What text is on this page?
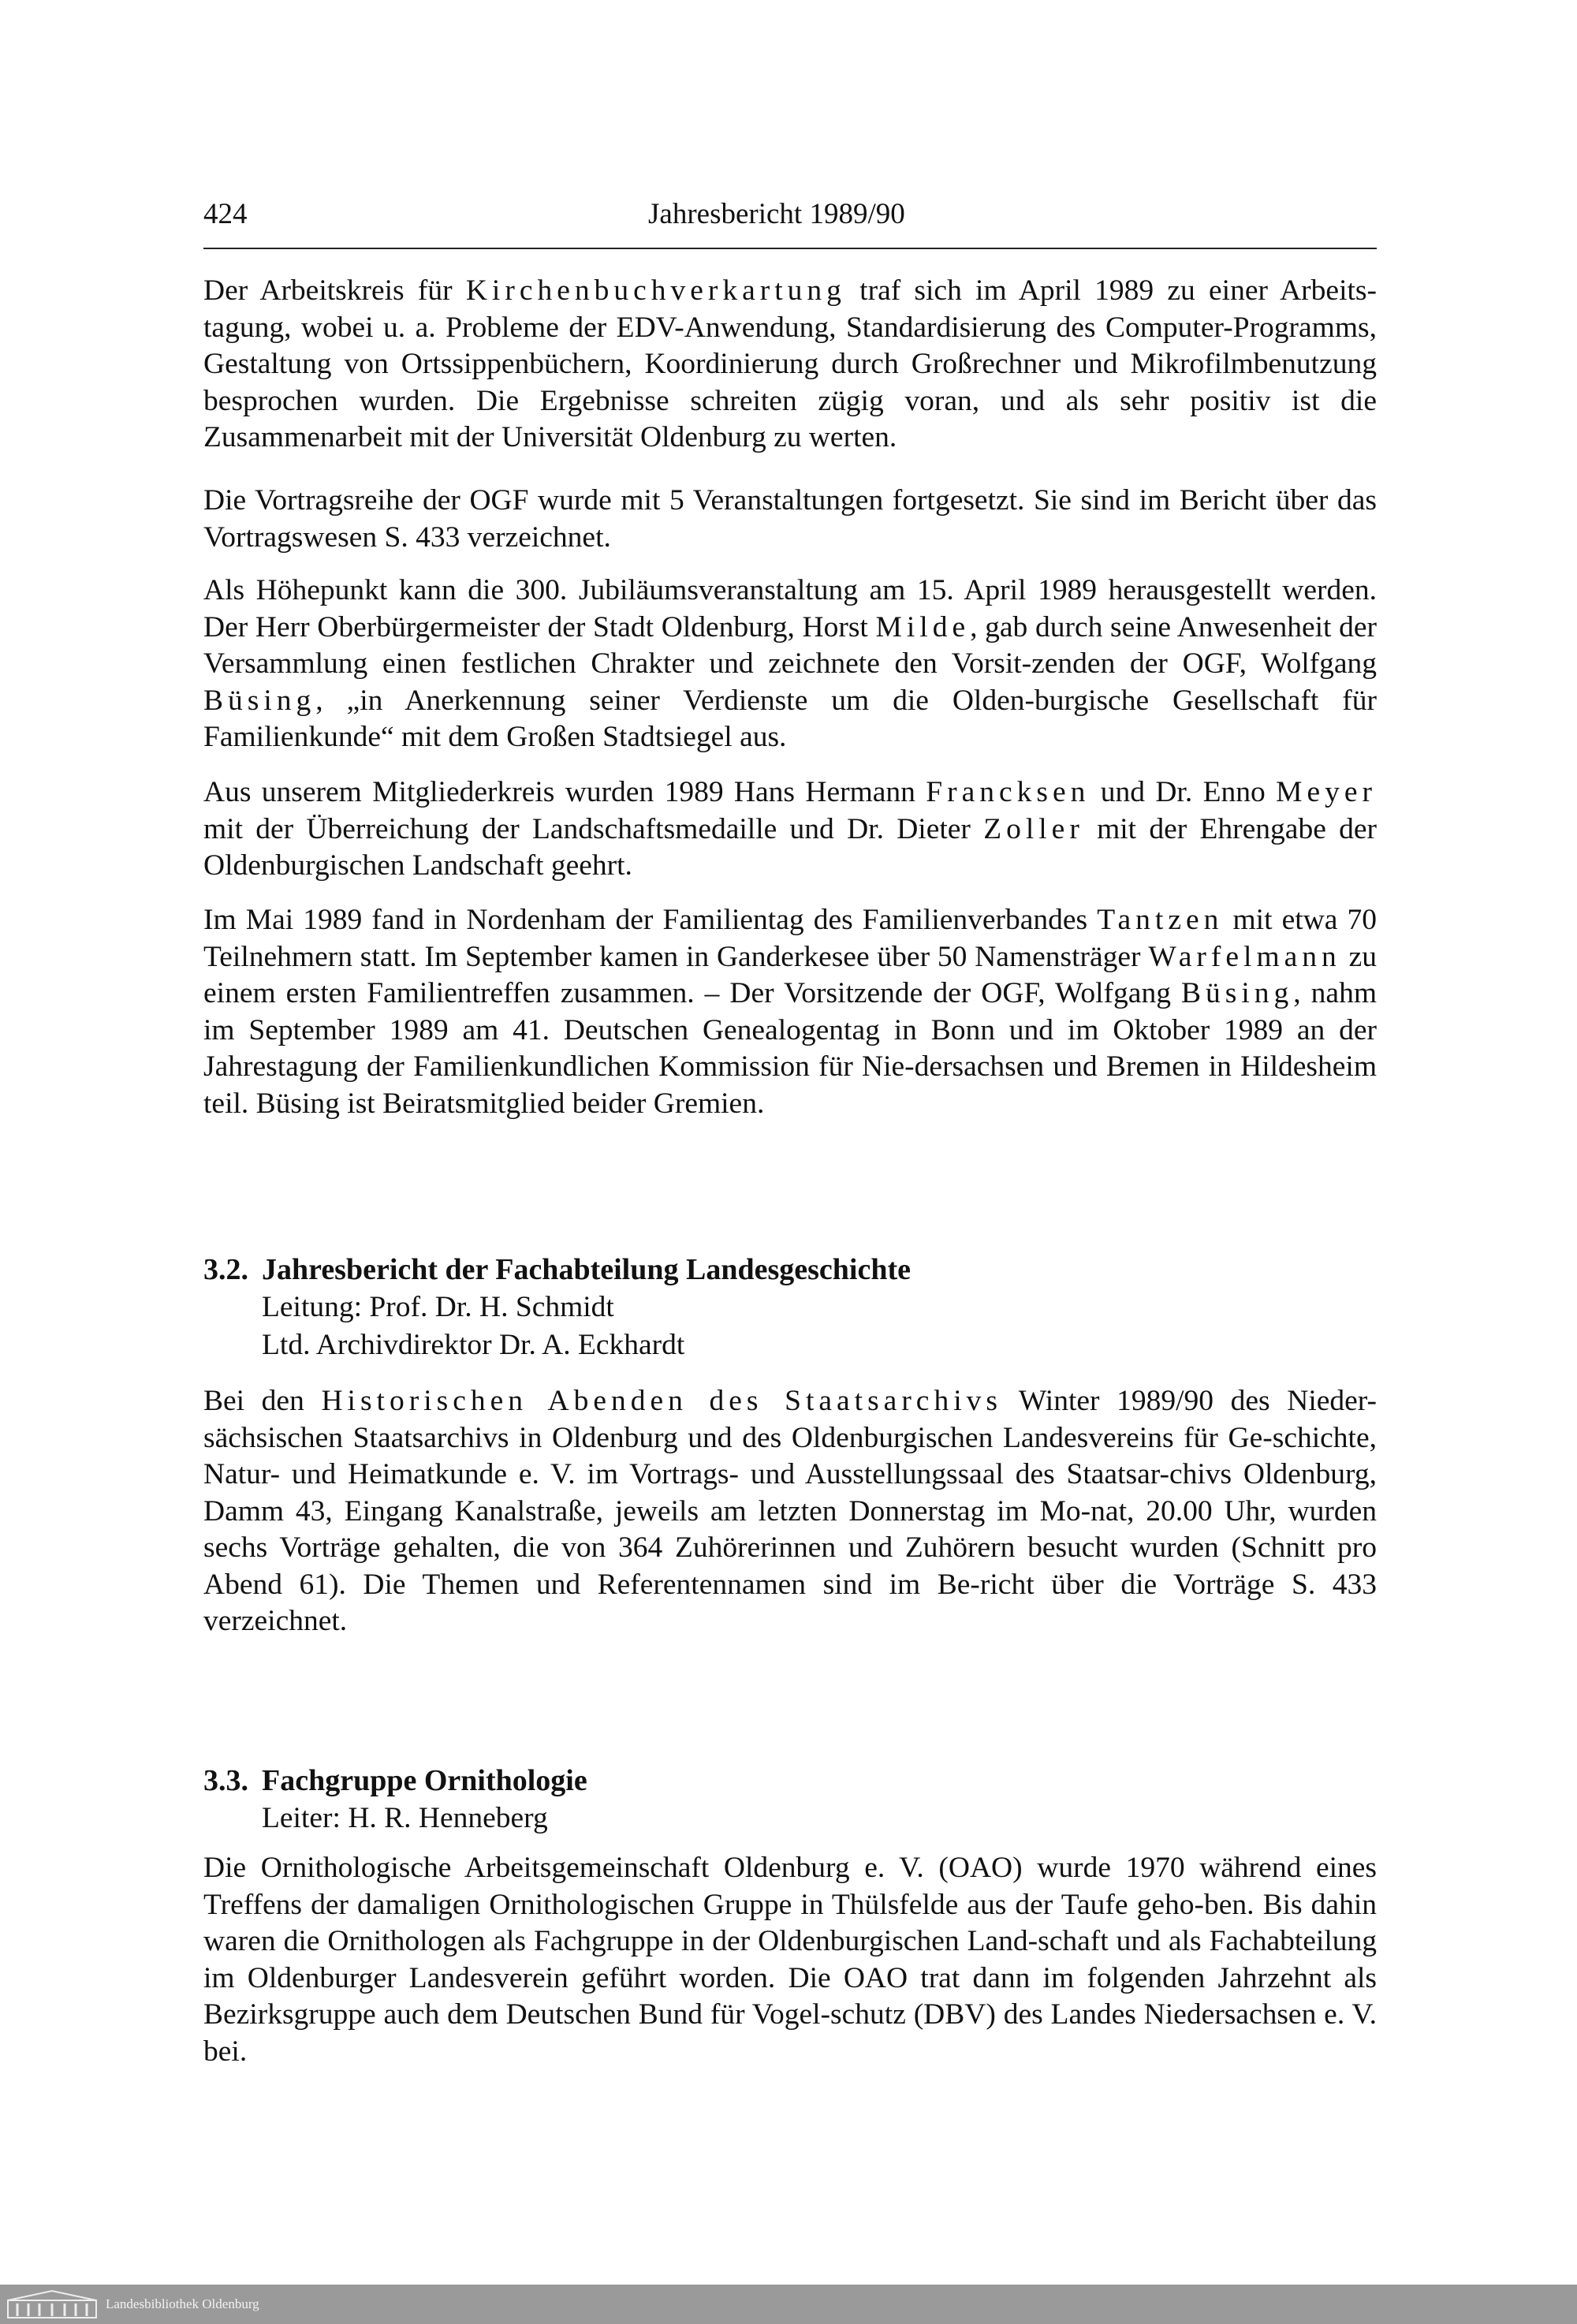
424	Jahresbericht 1989/90

Der Arbeitskreis für Kirchenbuchverkartung traf sich im April 1989 zu einer Arbeits-tagung, wobei u. a. Probleme der EDV-Anwendung, Standardisierung des Computer-Programms, Gestaltung von Ortssippenbüchern, Koordinierung durch Großrechner und Mikrofilmbenutzung besprochen wurden. Die Ergebnisse schreiten zügig voran, und als sehr positiv ist die Zusammenarbeit mit der Universität Oldenburg zu werten.

Die Vortragsreihe der OGF wurde mit 5 Veranstaltungen fortgesetzt. Sie sind im Bericht über das Vortragswesen S. 433 verzeichnet.

Als Höhepunkt kann die 300. Jubiläumsveranstaltung am 15. April 1989 herausgestellt werden. Der Herr Oberbürgermeister der Stadt Oldenburg, Horst Milde, gab durch seine Anwesenheit der Versammlung einen festlichen Chrakter und zeichnete den Vorsit-zenden der OGF, Wolfgang Büsing, „in Anerkennung seiner Verdienste um die Olden-burgische Gesellschaft für Familienkunde“ mit dem Großen Stadtsiegel aus.

Aus unserem Mitgliederkreis wurden 1989 Hans Hermann Francksen und Dr. Enno Meyer mit der Überreichung der Landschaftsmedaille und Dr. Dieter Zoller mit der Ehrengabe der Oldenburgischen Landschaft geehrt.

Im Mai 1989 fand in Nordenham der Familientag des Familienverbandes Tantzen mit etwa 70 Teilnehmern statt. Im September kamen in Ganderkesee über 50 Namensträger Warfelmann zu einem ersten Familientreffen zusammen. – Der Vorsitzende der OGF, Wolfgang Büsing, nahm im September 1989 am 41. Deutschen Genealogentag in Bonn und im Oktober 1989 an der Jahrestagung der Familienkundlichen Kommission für Nie-dersachsen und Bremen in Hildesheim teil. Büsing ist Beiratsmitglied beider Gremien.

3.2. Jahresbericht der Fachabteilung Landesgeschichte

Leitung: Prof. Dr. H. Schmidt

Ltd. Archivdirektor Dr. A. Eckhardt

Bei den Historischen Abenden des Staatsarchivs Winter 1989/90 des Nieder-sächsischen Staatsarchivs in Oldenburg und des Oldenburgischen Landesvereins für Ge-schichte, Natur- und Heimatkunde e. V. im Vortrags- und Ausstellungssaal des Staatsar-chivs Oldenburg, Damm 43, Eingang Kanalstraße, jeweils am letzten Donnerstag im Mo-nat, 20.00 Uhr, wurden sechs Vorträge gehalten, die von 364 Zuhörerinnen und Zuhörern besucht wurden (Schnitt pro Abend 61). Die Themen und Referentennamen sind im Be-richt über die Vorträge S. 433 verzeichnet.

3.3. Fachgruppe Ornithologie

Leiter: H. R. Henneberg

Die Ornithologische Arbeitsgemeinschaft Oldenburg e. V. (OAO) wurde 1970 während eines Treffens der damaligen Ornithologischen Gruppe in Thülsfelde aus der Taufe geho-ben. Bis dahin waren die Ornithologen als Fachgruppe in der Oldenburgischen Land-schaft und als Fachabteilung im Oldenburger Landesverein geführt worden. Die OAO trat dann im folgenden Jahrzehnt als Bezirksgruppe auch dem Deutschen Bund für Vogel-schutz (DBV) des Landes Niedersachsen e. V. bei.

Landesbibliothek Oldenburg
